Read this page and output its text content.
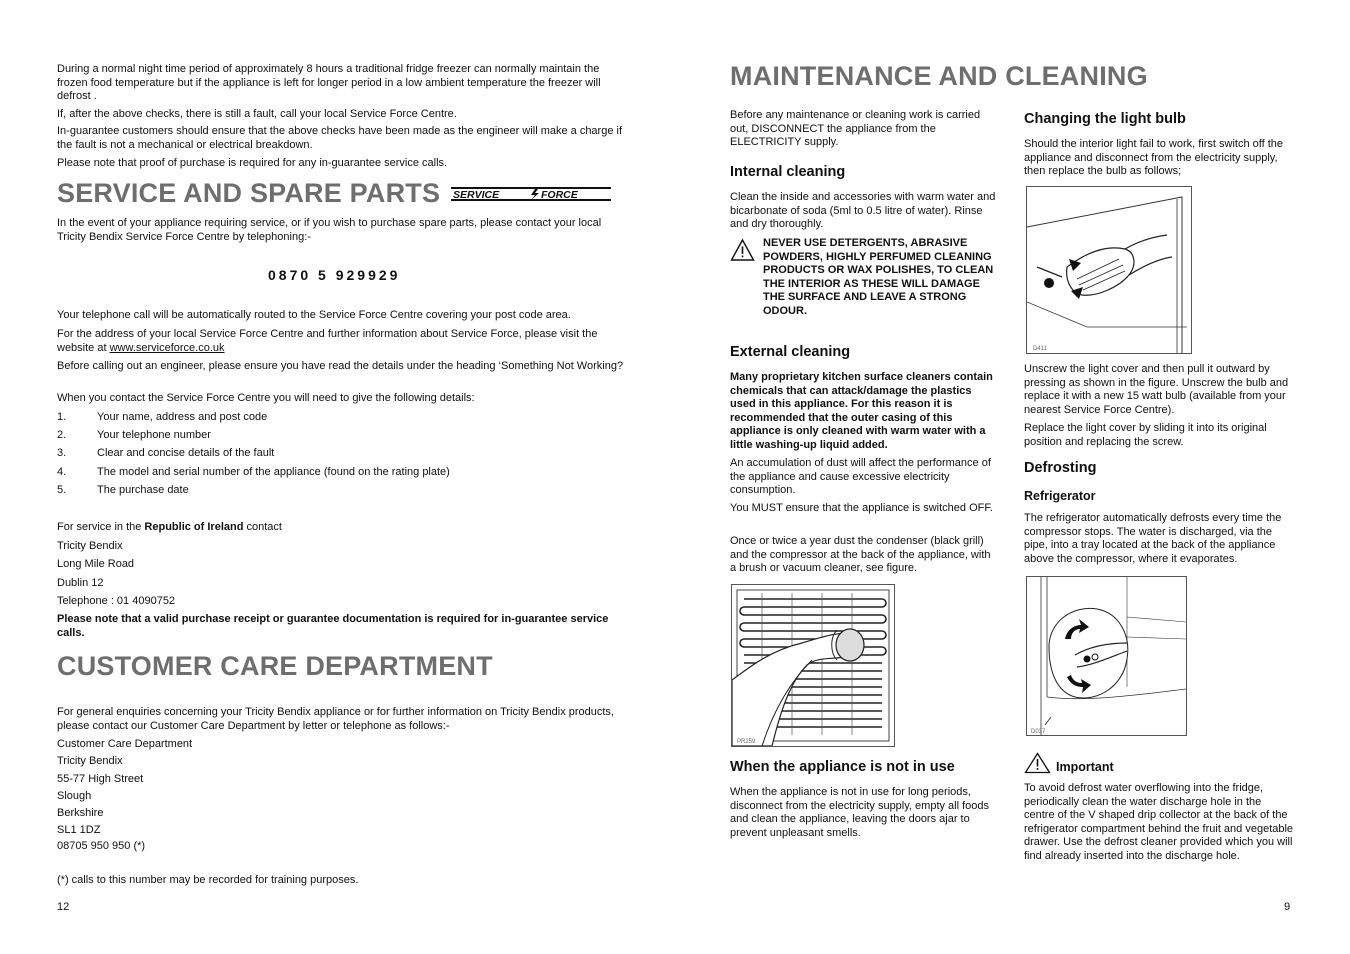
During a normal night time period of approximately 8 hours a traditional fridge freezer can normally maintain the frozen food temperature but if the appliance is left for longer period in a low ambient temperature the freezer will defrost .

If, after the above checks, there is still a fault, call your local Service Force Centre.

In-guarantee customers should ensure that the above checks have been made as the engineer will make a charge if the fault is not a mechanical or electrical breakdown.

Please note that proof of purchase is required for any in-guarantee service calls.

SERVICE AND SPARE PARTS SERVICE	FORCE

In the event of your appliance requiring service, or if you wish to purchase spare parts, please contact your local Tricity Bendix Service Force Centre by telephoning:-

0870 5 929929

Your telephone call will be automatically routed to the Service Force Centre covering your post code area.

For the address of your local Service Force Centre and further information about Service Force, please visit the website at www.serviceforce.co.uk

Before calling out an engineer, please ensure you have read the details under the heading ‘Something Not Working?

When you contact the Service Force Centre you will need to give the following details:

1.	Your name, address and post code
2.	Your telephone number
3.	Clear and concise details of the fault
4.	The model and serial number of the appliance (found on the rating plate)
5.	The purchase date

For service in the Republic of Ireland contact

Tricity Bendix

Long Mile Road

Dublin 12

Telephone : 01 4090752

Please note that a valid purchase receipt or guarantee documentation is required for in-guarantee service calls.

CUSTOMER CARE DEPARTMENT

For general enquiries concerning your Tricity Bendix appliance or for further information on Tricity Bendix products, please contact our Customer Care Department by letter or telephone as follows:-

Customer Care Department

Tricity Bendix

55-77 High Street

Slough

Berkshire

SL1 1DZ

08705 950 950 (*)

(*) calls to this number may be recorded for training purposes.

12
MAINTENANCE AND CLEANING

Before any maintenance or cleaning work is carried out, DISCONNECT the appliance from the ELECTRICITY supply.

Internal cleaning

Clean the inside and accessories with warm water and bicarbonate of soda (5ml to 0.5 litre of water). Rinse and dry thoroughly.

NEVER USE DETERGENTS, ABRASIVE POWDERS, HIGHLY PERFUMED CLEANING PRODUCTS OR WAX POLISHES, TO CLEAN THE INTERIOR AS THESE WILL DAMAGE THE SURFACE AND LEAVE A STRONG ODOUR.

External cleaning

Many proprietary kitchen surface cleaners contain chemicals that can attack/damage the plastics used in this appliance. For this reason it is recommended that the outer casing of this appliance is only cleaned with warm water with a little washing-up liquid added.

An accumulation of dust will affect the performance of the appliance and cause excessive electricity consumption.

You MUST ensure that the appliance is switched OFF.

Once or twice a year dust the condenser (black grill) and the compressor at the back of the appliance, with a brush or vacuum cleaner, see figure.

PR259
When the appliance is not in use

When the appliance is not in use for long periods, disconnect from the electricity supply, empty all foods and clean the appliance, leaving the doors ajar to prevent unpleasant smells.

Changing the light bulb

Should the interior light fail to work, first switch off the appliance and disconnect from the electricity supply, then replace the bulb as follows;

D411

Unscrew the light cover and then pull it outward by pressing as shown in the figure. Unscrew the bulb and replace it with a new 15 watt bulb (available from your nearest Service Force Centre).

Replace the light cover by sliding it into its original position and replacing the screw.

Defrosting
Refrigerator

The refrigerator automatically defrosts every time the compressor stops. The water is discharged, via the pipe, into a tray located at the back of the appliance above the compressor, where it evaporates.

D037
Important

To avoid defrost water overflowing into the fridge, periodically clean the water discharge hole in the centre of the V shaped drip collector at the back of the refrigerator compartment behind the fruit and vegetable drawer. Use the defrost cleaner provided which you will find already inserted into the discharge hole.

9
